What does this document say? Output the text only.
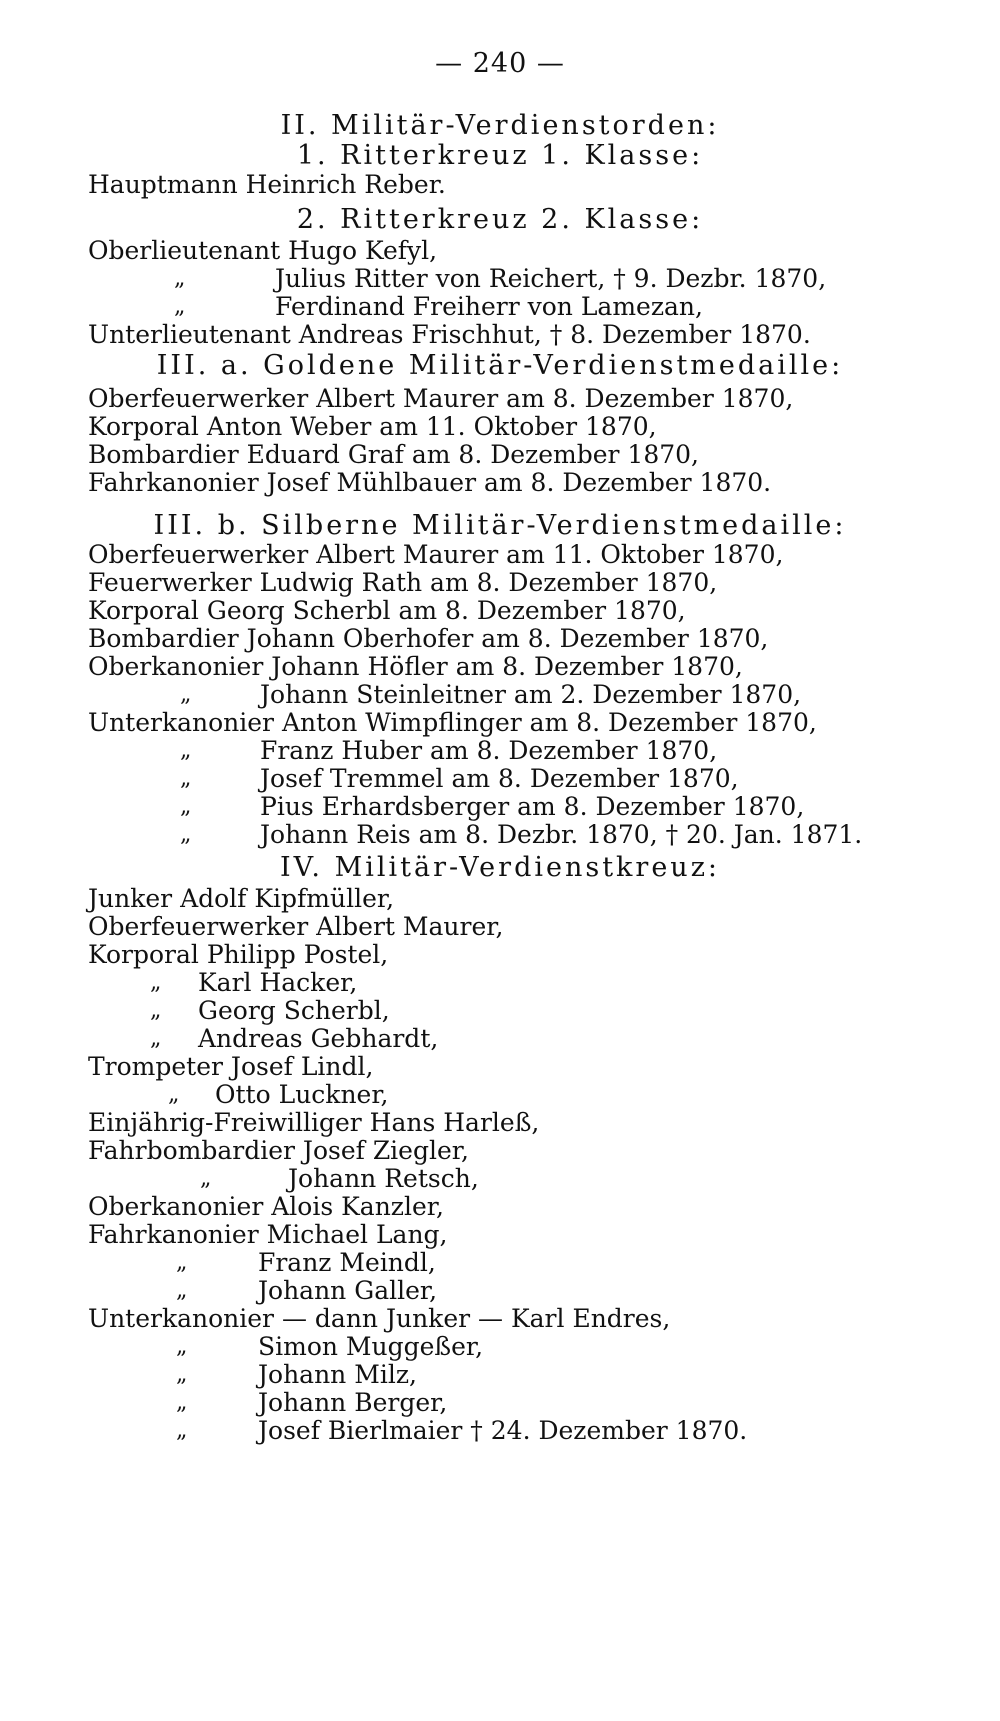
— 240 —
II. Militär-Verdienstorden:
1. Ritterkreuz 1. Klasse:
Hauptmann Heinrich Reber.
2. Ritterkreuz 2. Klasse:
Oberlieutenant Hugo Kefyl,
„	Julius Ritter von Reichert, † 9. Dezbr. 1870,
„	Ferdinand Freiherr von Lamezan,
Unterlieutenant Andreas Frischhut, † 8. Dezember 1870.
III. a. Goldene Militär-Verdienstmedaille:
Oberfeuerwerker Albert Maurer am 8. Dezember 1870,
Korporal Anton Weber am 11. Oktober 1870,
Bombardier Eduard Graf am 8. Dezember 1870,
Fahrkanonier Josef Mühlbauer am 8. Dezember 1870.
III. b. Silberne Militär-Verdienstmedaille:
Oberfeuerwerker Albert Maurer am 11. Oktober 1870,
Feuerwerker Ludwig Rath am 8. Dezember 1870,
Korporal Georg Scherbl am 8. Dezember 1870,
Bombardier Johann Oberhofer am 8. Dezember 1870,
Oberkanonier Johann Höfler am 8. Dezember 1870,
„	Johann Steinleitner am 2. Dezember 1870,
Unterkanonier Anton Wimpflinger am 8. Dezember 1870,
„	Franz Huber am 8. Dezember 1870,
„	Josef Tremmel am 8. Dezember 1870,
„	Pius Erhardsberger am 8. Dezember 1870,
„	Johann Reis am 8. Dezbr. 1870, † 20. Jan. 1871.
IV. Militär-Verdienstkreuz:
Junker Adolf Kipfmüller,
Oberfeuerwerker Albert Maurer,
Korporal Philipp Postel,
„ Karl Hacker,
„ Georg Scherbl,
„ Andreas Gebhardt,
Trompeter Josef Lindl,
„ Otto Luckner,
Einjährig-Freiwilliger Hans Harleß,
Fahrbombardier Josef Ziegler,
„	Johann Retsch,
Oberkanonier Alois Kanzler,
Fahrkanonier Michael Lang,
„	Franz Meindl,
„	Johann Galler,
Unterkanonier — dann Junker — Karl Endres,
„	Simon Muggeßer,
„	Johann Milz,
„	Johann Berger,
„	Josef Bierlmaier † 24. Dezember 1870.
